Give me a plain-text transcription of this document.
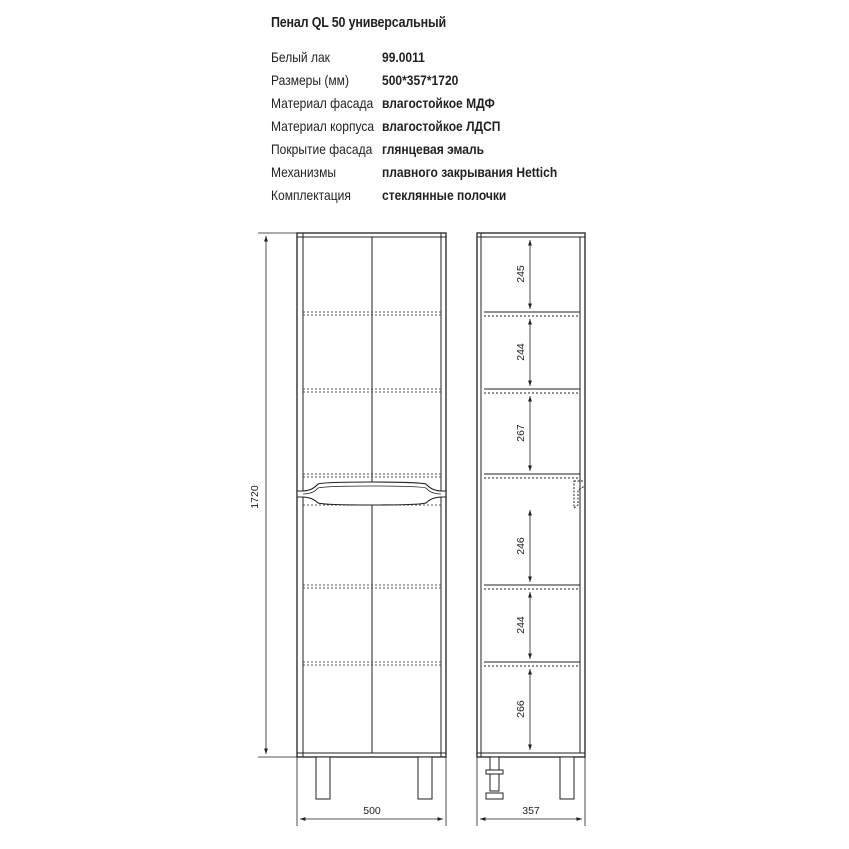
Пенал QL 50 универсальный
Белый лак	99.0011
Размеры (мм) 500*357*1720
Материал фасада влагостойкое МДФ
Материал корпуса влагостойкое ЛДСП
Покрытие фасада глянцевая эмаль
Механизмы	плавного закрывания Hettich
Комплектация стеклянные полочки
1720
500
245
244
267
246
244
266
357
